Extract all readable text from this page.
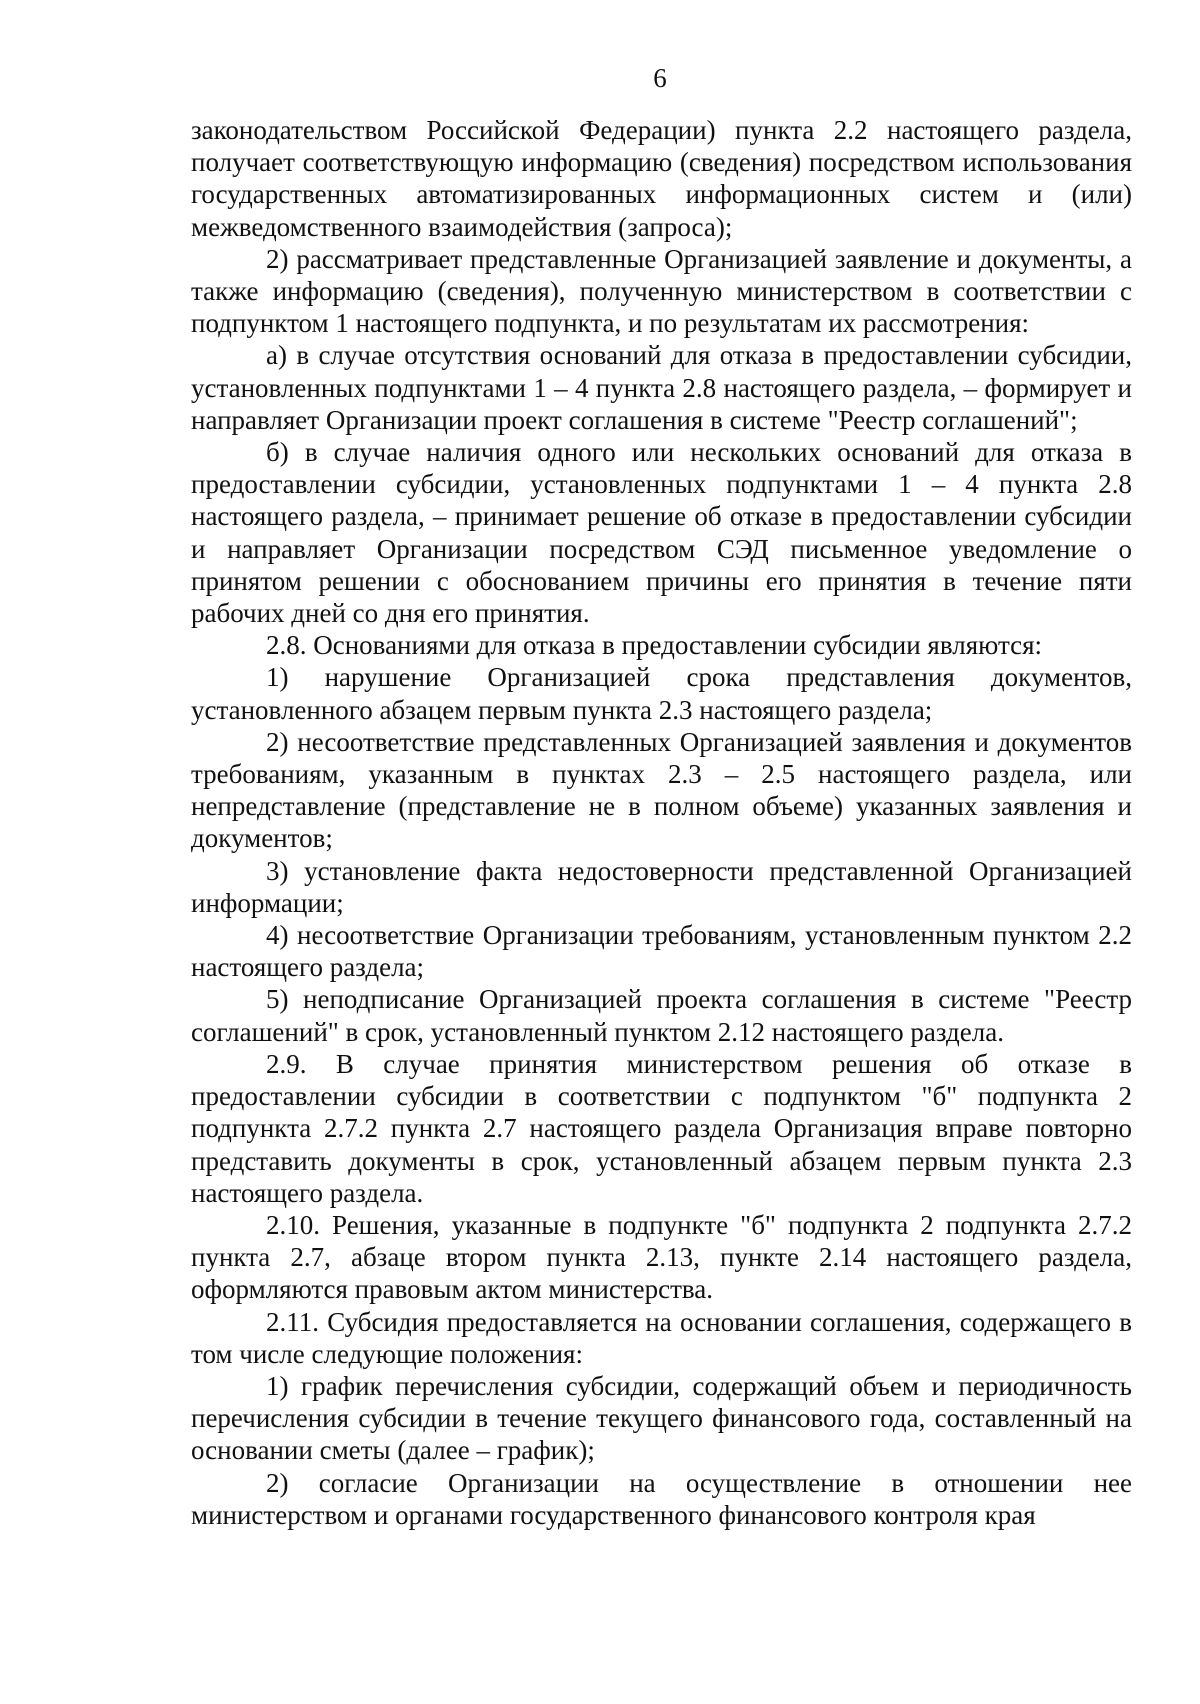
6

законодательством Российской Федерации) пункта 2.2 настоящего раздела, получает соответствующую информацию (сведения) посредством использования государственных автоматизированных информационных систем и (или) межведомственного взаимодействия (запроса);

2) рассматривает представленные Организацией заявление и документы, а также информацию (сведения), полученную министерством в соответствии с подпунктом 1 настоящего подпункта, и по результатам их рассмотрения:

а) в случае отсутствия оснований для отказа в предоставлении субсидии, установленных подпунктами 1 – 4 пункта 2.8 настоящего раздела, – формирует и направляет Организации проект соглашения в системе "Реестр соглашений";

б) в случае наличия одного или нескольких оснований для отказа в предоставлении субсидии, установленных подпунктами 1 – 4 пункта 2.8 настоящего раздела, – принимает решение об отказе в предоставлении субсидии и направляет Организации посредством СЭД письменное уведомление о принятом решении с обоснованием причины его принятия в течение пяти рабочих дней со дня его принятия.

2.8. Основаниями для отказа в предоставлении субсидии являются:

1) нарушение Организацией срока представления документов, установленного абзацем первым пункта 2.3 настоящего раздела;

2) несоответствие представленных Организацией заявления и документов требованиям, указанным в пунктах 2.3 – 2.5 настоящего раздела, или непредставление (представление не в полном объеме) указанных заявления и документов;

3) установление факта недостоверности представленной Организацией информации;

4) несоответствие Организации требованиям, установленным пунктом 2.2 настоящего раздела;

5) неподписание Организацией проекта соглашения в системе "Реестр соглашений" в срок, установленный пунктом 2.12 настоящего раздела.

2.9. В случае принятия министерством решения об отказе в предоставлении субсидии в соответствии с подпунктом "б" подпункта 2 подпункта 2.7.2 пункта 2.7 настоящего раздела Организация вправе повторно представить документы в срок, установленный абзацем первым пункта 2.3 настоящего раздела.

2.10. Решения, указанные в подпункте "б" подпункта 2 подпункта 2.7.2 пункта 2.7, абзаце втором пункта 2.13, пункте 2.14 настоящего раздела, оформляются правовым актом министерства.

2.11. Субсидия предоставляется на основании соглашения, содержащего в том числе следующие положения:

1) график перечисления субсидии, содержащий объем и периодичность перечисления субсидии в течение текущего финансового года, составленный на основании сметы (далее – график);

2) согласие Организации на осуществление в отношении нее министерством и органами государственного финансового контроля края
